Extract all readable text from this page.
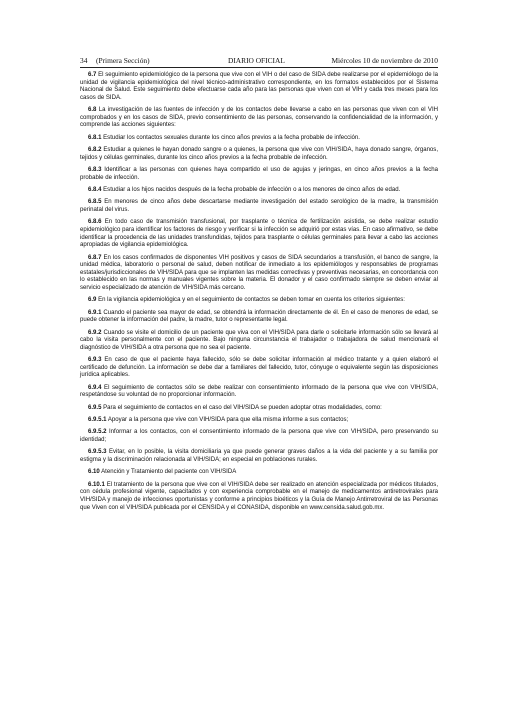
34 (Primera Sección)	DIARIO OFICIAL	Miércoles 10 de noviembre de 2010

6.7 El seguimiento epidemiológico de la persona que vive con el VIH o del caso de SIDA debe realizarse por el epidemiólogo de la unidad de vigilancia epidemiológica del nivel técnico-administrativo correspondiente, en los formatos establecidos por el Sistema Nacional de Salud. Este seguimiento debe efectuarse cada año para las personas que viven con el VIH y cada tres meses para los casos de SIDA.

6.8 La investigación de las fuentes de infección y de los contactos debe llevarse a cabo en las personas que viven con el VIH comprobados y en los casos de SIDA, previo consentimiento de las personas, conservando la confidencialidad de la información, y comprende las acciones siguientes:

6.8.1 Estudiar los contactos sexuales durante los cinco años previos a la fecha probable de infección.

6.8.2 Estudiar a quienes le hayan donado sangre o a quienes, la persona que vive con VIH/SIDA, haya donado sangre, órganos, tejidos y células germinales, durante los cinco años previos a la fecha probable de infección.

6.8.3 Identificar a las personas con quienes haya compartido el uso de agujas y jeringas, en cinco años previos a la fecha probable de infección.

6.8.4 Estudiar a los hijos nacidos después de la fecha probable de infección o a los menores de cinco años de edad.

6.8.5 En menores de cinco años debe descartarse mediante investigación del estado serológico de la madre, la transmisión perinatal del virus.

6.8.6 En todo caso de transmisión transfusional, por trasplante o técnica de fertilización asistida, se debe realizar estudio epidemiológico para identificar los factores de riesgo y verificar si la infección se adquirió por estas vías. En caso afirmativo, se debe identificar la procedencia de las unidades transfundidas, tejidos para trasplante o células germinales para llevar a cabo las acciones apropiadas de vigilancia epidemiológica.

6.8.7 En los casos confirmados de disponentes VIH positivos y casos de SIDA secundarios a transfusión, el banco de sangre, la unidad médica, laboratorio o personal de salud, deben notificar de inmediato a los epidemiólogos y responsables de programas estatales/jurisdiccionales de VIH/SIDA para que se implanten las medidas correctivas y preventivas necesarias, en concordancia con lo establecido en las normas y manuales vigentes sobre la materia. El donador y el caso confirmado siempre se deben enviar al servicio especializado de atención de VIH/SIDA más cercano.

6.9 En la vigilancia epidemiológica y en el seguimiento de contactos se deben tomar en cuenta los criterios siguientes:

6.9.1 Cuando el paciente sea mayor de edad, se obtendrá la información directamente de él. En el caso de menores de edad, se puede obtener la información del padre, la madre, tutor o representante legal.

6.9.2 Cuando se visite el domicilio de un paciente que viva con el VIH/SIDA para darle o solicitarle información sólo se llevará al cabo la visita personalmente con el paciente. Bajo ninguna circunstancia el trabajador o trabajadora de salud mencionará el diagnóstico de VIH/SIDA a otra persona que no sea el paciente.

6.9.3 En caso de que el paciente haya fallecido, sólo se debe solicitar información al médico tratante y a quien elaboró el certificado de defunción. La información se debe dar a familiares del fallecido, tutor, cónyuge o equivalente según las disposiciones jurídica aplicables.

6.9.4 El seguimiento de contactos sólo se debe realizar con consentimiento informado de la persona que vive con VIH/SIDA, respetándose su voluntad de no proporcionar información.

6.9.5 Para el seguimiento de contactos en el caso del VIH/SIDA se pueden adoptar otras modalidades, como:

6.9.5.1 Apoyar a la persona que vive con VIH/SIDA para que ella misma informe a sus contactos;

6.9.5.2 Informar a los contactos, con el consentimiento informado de la persona que vive con VIH/SIDA, pero preservando su identidad;

6.9.5.3 Evitar, en lo posible, la visita domiciliaria ya que puede generar graves daños a la vida del paciente y a su familia por estigma y la discriminación relacionada al VIH/SIDA; en especial en poblaciones rurales.

6.10 Atención y Tratamiento del paciente con VIH/SIDA

6.10.1 El tratamiento de la persona que vive con el VIH/SIDA debe ser realizado en atención especializada por médicos titulados, con cédula profesional vigente, capacitados y con experiencia comprobable en el manejo de medicamentos antiretrovirales para VIH/SIDA y manejo de infecciones oportunistas y conforme a principios bioéticos y la Guía de Manejo Antirretroviral de las Personas que Viven con el VIH/SIDA publicada por el CENSIDA y el CONASIDA, disponible en www.censida.salud.gob.mx.
